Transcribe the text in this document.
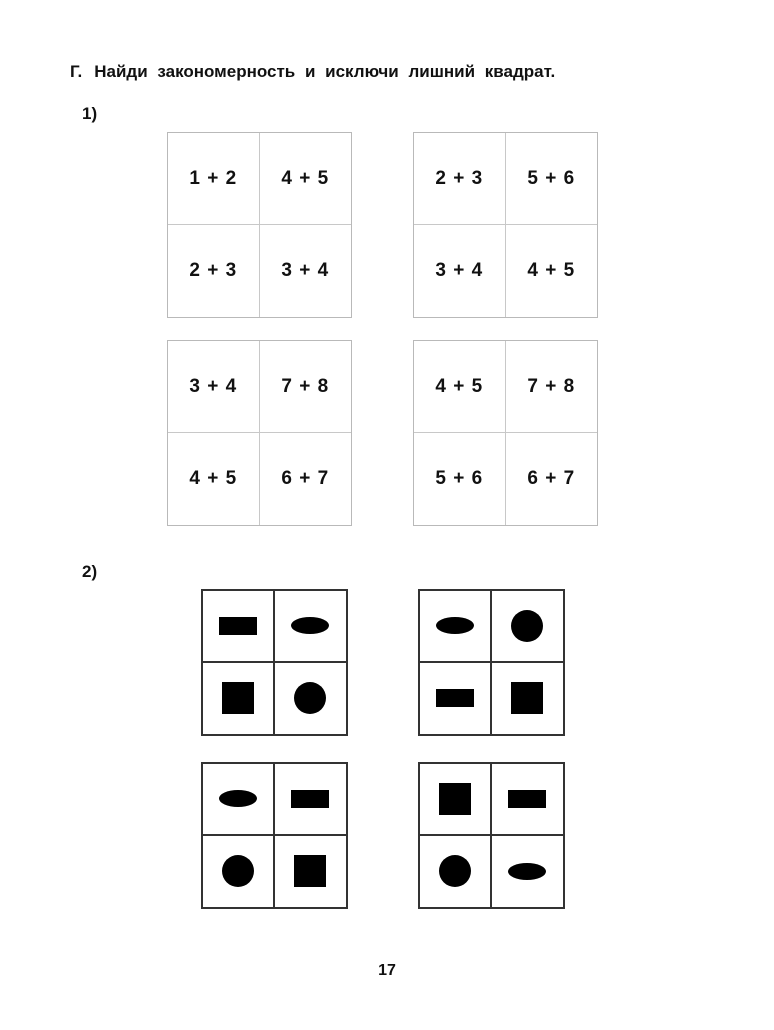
Г. Найди закономерность и исключи лишний квадрат.
1)
1 + 2	4 + 5
2 + 3	3 + 4
2 + 3	5 + 6
3 + 4	4 + 5
3 + 4	7 + 8
4 + 5	6 + 7
4 + 5	7 + 8
5 + 6	6 + 7
2)
17
